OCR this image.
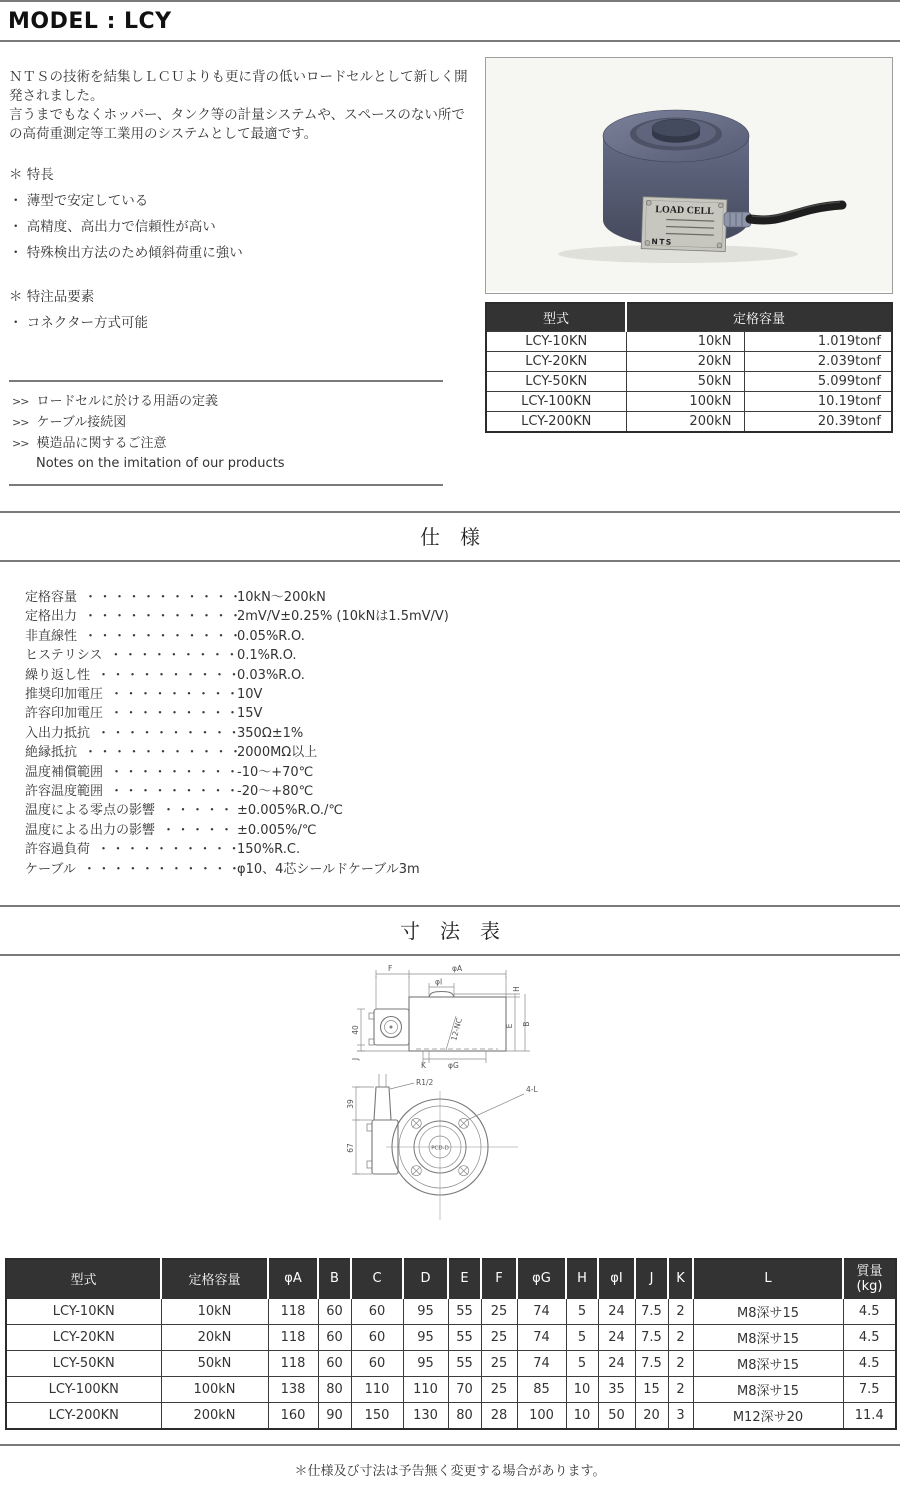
MODEL : LCY

ＮＴＳの技術を結集しＬＣＵよりも更に背の低いロードセルとして新しく開発されました。

言うまでもなくホッパー、タンク等の計量システムや、スペースのない所での高荷重測定等工業用のシステムとして最適です。

＊ 特長
・ 薄型で安定している
・ 高精度、高出力で信頼性が高い
・ 特殊検出方法のため傾斜荷重に強い
＊ 特注品要素
・ コネクター方式可能
>> ロードセルに於ける用語の定義
>> ケーブル接続図
>> 模造品に関するご注意
Notes on the imitation of our products
LOAD CELL
NTS
型式	定格容量	
LCY-10KN	10kN	1.019tonf
LCY-20KN	20kN	2.039tonf
LCY-50KN	50kN	5.099tonf
LCY-100KN	100kN	10.19tonf
LCY-200KN	200kN	20.39tonf
仕　様
定格容量 ・・・・・・・・・・・
10kN～200kN
定格出力 ・・・・・・・・・・・
2mV/V±0.25% (10kNは1.5mV/V)
非直線性 ・・・・・・・・・・・
0.05%R.O.
ヒステリシス ・・・・・・・・・
0.1%R.O.
繰り返し性 ・・・・・・・・・・
0.03%R.O.
推奨印加電圧 ・・・・・・・・・
10V
許容印加電圧 ・・・・・・・・・
15V
入出力抵抗 ・・・・・・・・・・
350Ω±1%
絶縁抵抗 ・・・・・・・・・・・
2000MΩ以上
温度補償範囲 ・・・・・・・・・
-10～+70℃
許容温度範囲 ・・・・・・・・・
-20～+80℃
温度による零点の影響 ・・・・・ ±0.005%R.O./℃
温度による出力の影響 ・・・・・ ±0.005%/℃
許容過負荷 ・・・・・・・・・・
150%R.C.
ケーブル ・・・・・・・・・・・
φ10、4芯シールドケーブル3m
寸　法　表
F	φA
φI
40
J
H
E B
K	φG
12-NC
R1/2
39
67
4-L
PCD-D
型式	定格容量	φA	B	C	D	E	F	φG	H	φI	J	K	L	質量
(kg)

LCY-10KN	10kN	118	60	60	95	55	25	74	5	24	7.5	2	M8深サ15	4.5
LCY-20KN	20kN	118	60	60	95	55	25	74	5	24	7.5	2	M8深サ15	4.5
LCY-50KN	50kN	118	60	60	95	55	25	74	5	24	7.5	2	M8深サ15	4.5
LCY-100KN	100kN	138	80	110	110	70	25	85	10	35	15	2	M8深サ15	7.5
LCY-200KN	200kN	160	90	150	130	80	28	100	10	50	20	3	M12深サ20	11.4
＊仕様及び寸法は予告無く変更する場合があります。
